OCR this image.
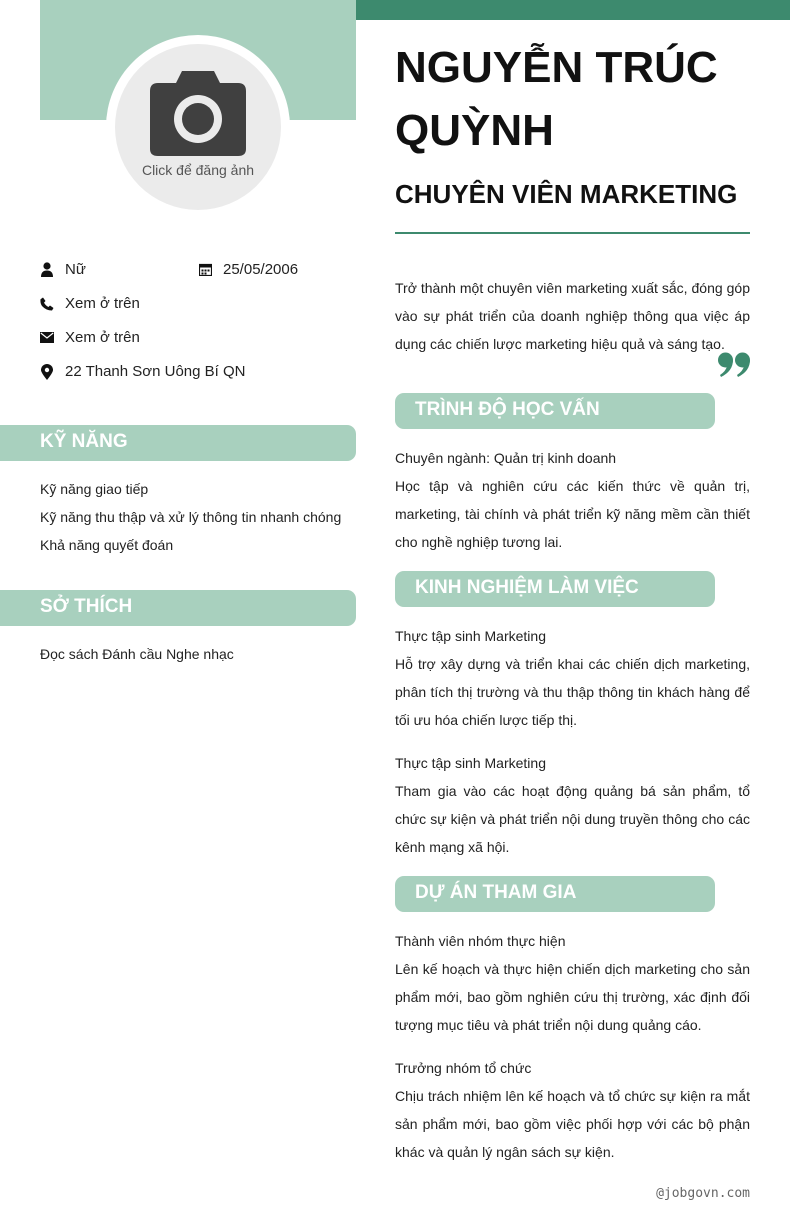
Click để đăng ảnh
Nữ	25/05/2006
Xem ở trên
Xem ở trên
22 Thanh Sơn Uông Bí QN
KỸ NĂNG
Kỹ năng giao tiếp
Kỹ năng thu thập và xử lý thông tin nhanh chóng
Khả năng quyết đoán
SỞ THÍCH
Đọc sách Đánh cầu Nghe nhạc
NGUYỄN TRÚC QUỲNH
CHUYÊN VIÊN MARKETING
Trở thành một chuyên viên marketing xuất sắc, đóng góp vào sự phát triển của doanh nghiệp thông qua việc áp dụng các chiến lược marketing hiệu quả và sáng tạo.
TRÌNH ĐỘ HỌC VẤN
Chuyên ngành: Quản trị kinh doanh
Học tập và nghiên cứu các kiến thức về quản trị, marketing, tài chính và phát triển kỹ năng mềm cần thiết cho nghề nghiệp tương lai.
KINH NGHIỆM LÀM VIỆC
Thực tập sinh Marketing
Hỗ trợ xây dựng và triển khai các chiến dịch marketing, phân tích thị trường và thu thập thông tin khách hàng để tối ưu hóa chiến lược tiếp thị.
Thực tập sinh Marketing
Tham gia vào các hoạt động quảng bá sản phẩm, tổ chức sự kiện và phát triển nội dung truyền thông cho các kênh mạng xã hội.
DỰ ÁN THAM GIA
Thành viên nhóm thực hiện
Lên kế hoạch và thực hiện chiến dịch marketing cho sản phẩm mới, bao gồm nghiên cứu thị trường, xác định đối tượng mục tiêu và phát triển nội dung quảng cáo.
Trưởng nhóm tổ chức
Chịu trách nhiệm lên kế hoạch và tổ chức sự kiện ra mắt sản phẩm mới, bao gồm việc phối hợp với các bộ phận khác và quản lý ngân sách sự kiện.
@jobgovn.com
